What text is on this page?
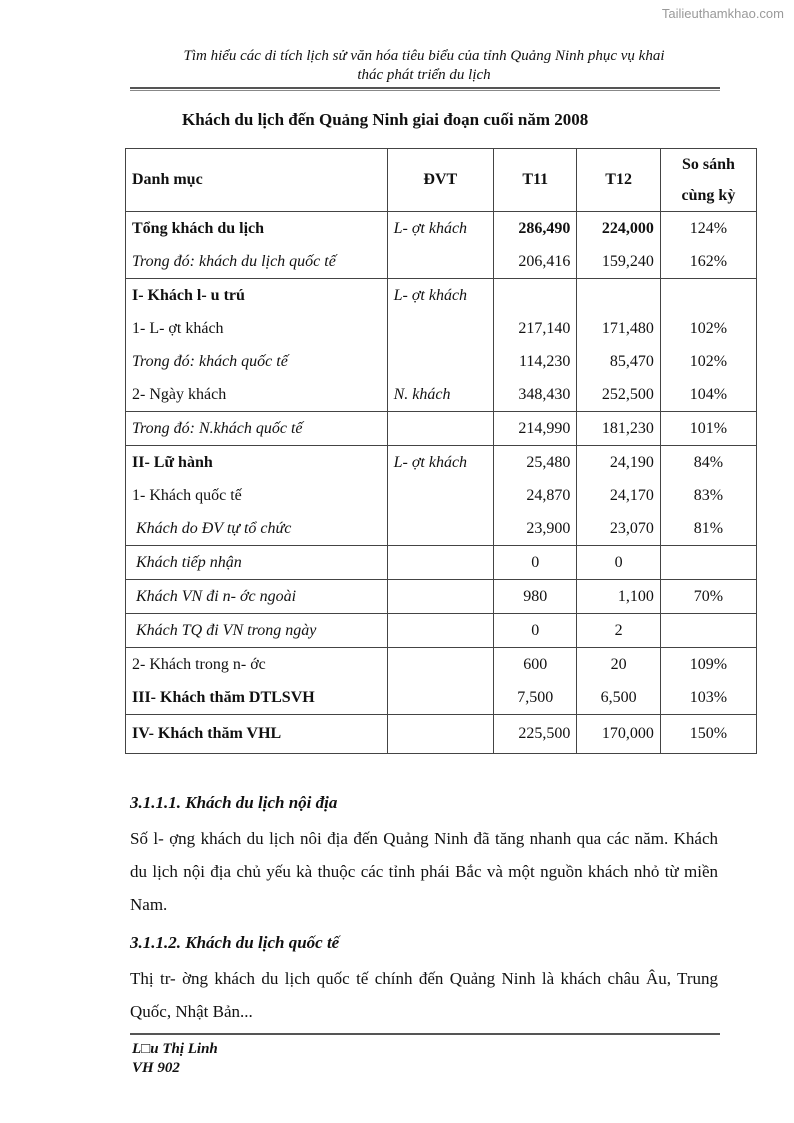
Tailieuthamkhao.com
Tìm hiểu các di tích lịch sử văn hóa tiêu biểu của tỉnh Quảng Ninh phục vụ khai
thác phát triển du lịch
Khách du lịch đến Quảng Ninh giai đoạn cuối năm 2008
Danh mục	ĐVT	T11	T12	So sánh
cùng kỳ

Tổng khách du lịch	L- ợt khách	286,490	224,000	124%
Trong đó: khách du lịch quốc tế		206,416	159,240	162%
I- Khách l- u trú	L- ợt khách			
1- L- ợt khách		217,140	171,480	102%
Trong đó: khách quốc tế		114,230	85,470	102%
2- Ngày khách	N. khách	348,430	252,500	104%
Trong đó: N.khách quốc tế		214,990	181,230	101%
II- Lữ hành	L- ợt khách	25,480	24,190	84%
1- Khách quốc tế		24,870	24,170	83%
Khách do ĐV tự tổ chức		23,900	23,070	81%
Khách tiếp nhận		0	0	
Khách VN đi n- ớc ngoài		980	1,100	70%
Khách TQ đi VN trong ngày		0	2	
2- Khách trong n- ớc		600	20	109%
III- Khách thăm DTLSVH		7,500	6,500	103%
IV- Khách thăm VHL		225,500	170,000	150%
3.1.1.1. Khách du lịch nội địa
Số l- ợng khách du lịch nôi địa đến Quảng Ninh đã tăng nhanh qua các năm. Khách du lịch nội địa chủ yếu kà thuộc các tỉnh phái Bắc và một nguồn khách nhỏ từ miền Nam.
3.1.1.2. Khách du lịch quốc tế
Thị tr- ờng khách du lịch quốc tế chính đến Quảng Ninh là khách châu Âu, Trung Quốc, Nhật Bản...
L□u Thị Linh
VH 902
